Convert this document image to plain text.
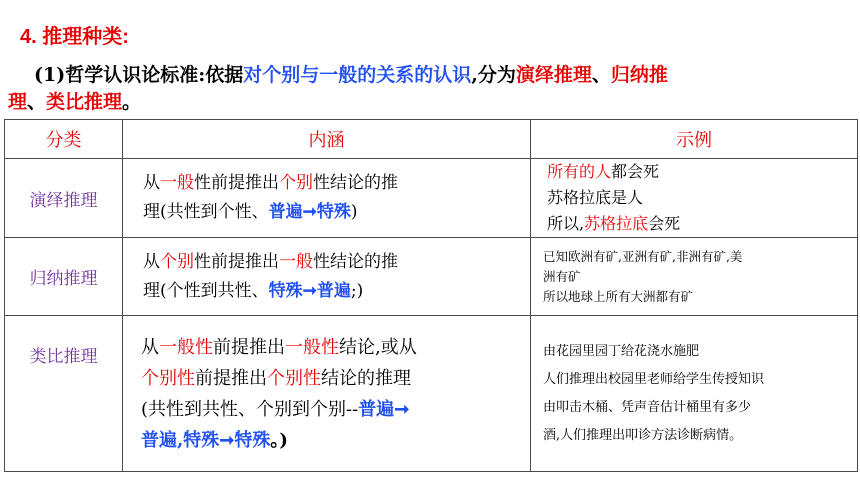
4. 推理种类:
(1)哲学认识论标准:依据对个别与一般的关系的认识,分为演绎推理、归纳推
理、类比推理。
分类	内涵	示例
演绎推理	从一般性前提推出个别性结论的推
理(共性到个性、普遍➞特殊)	所有的人都会死
苏格拉底是人
所以,苏格拉底会死

归纳推理	从个别性前提推出一般性结论的推
理(个性到共性、特殊➞普遍;)	已知欧洲有矿,亚洲有矿,非洲有矿,美
洲有矿
所以地球上所有大洲都有矿

类比推理	从一般性前提推出一般性结论,或从
个别性前提推出个别性结论的推理
(共性到共性、个别到个别--普遍➞
普遍,特殊➞特殊。)	由花园里园丁给花浇水施肥
人们推理出校园里老师给学生传授知识
由叩击木桶、凭声音估计桶里有多少
酒,人们推理出叩诊方法诊断病情。
